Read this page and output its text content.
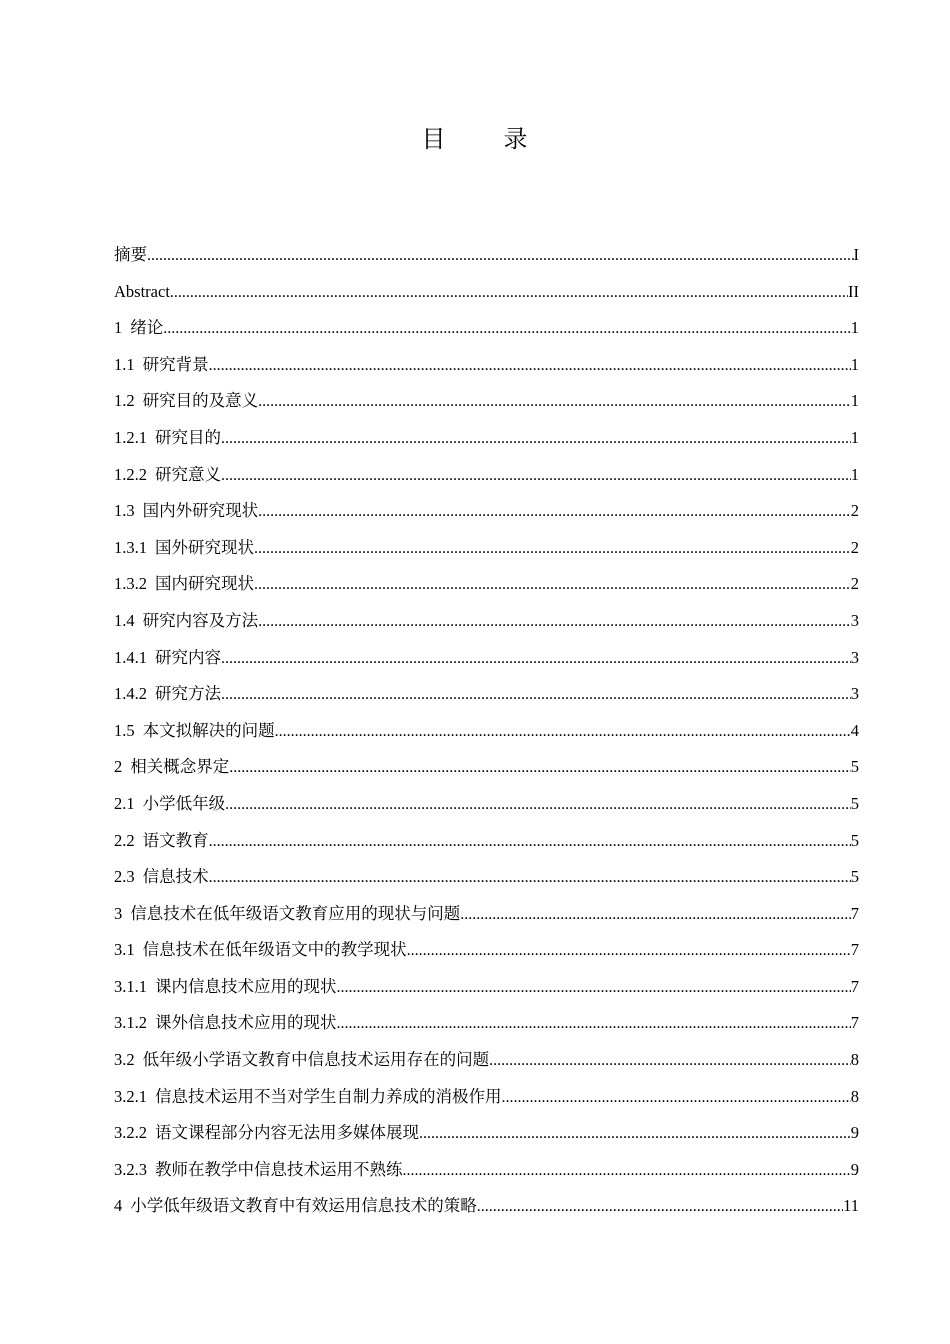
目 录
摘要 .....	I
Abstract .....	II
1 绪论 .....	1
1.1 研究背景 .....	1
1.2 研究目的及意义 .....	1
1.2.1 研究目的 .....	1
1.2.2 研究意义 .....	1
1.3 国内外研究现状 .....	2
1.3.1 国外研究现状 .....	2
1.3.2 国内研究现状 .....	2
1.4 研究内容及方法 .....	3
1.4.1 研究内容 .....	3
1.4.2 研究方法 .....	3
1.5 本文拟解决的问题 .....	4
2 相关概念界定 .....	5
2.1 小学低年级 .....	5
2.2 语文教育 .....	5
2.3 信息技术 .....	5
3 信息技术在低年级语文教育应用的现状与问题 .....	7
3.1 信息技术在低年级语文中的教学现状 .....	7
3.1.1 课内信息技术应用的现状 .....	7
3.1.2 课外信息技术应用的现状 .....	7
3.2 低年级小学语文教育中信息技术运用存在的问题 .....	8
3.2.1 信息技术运用不当对学生自制力养成的消极作用 .....	8
3.2.2 语文课程部分内容无法用多媒体展现 .....	9
3.2.3 教师在教学中信息技术运用不熟练 .....	9
4 小学低年级语文教育中有效运用信息技术的策略 .....	11
